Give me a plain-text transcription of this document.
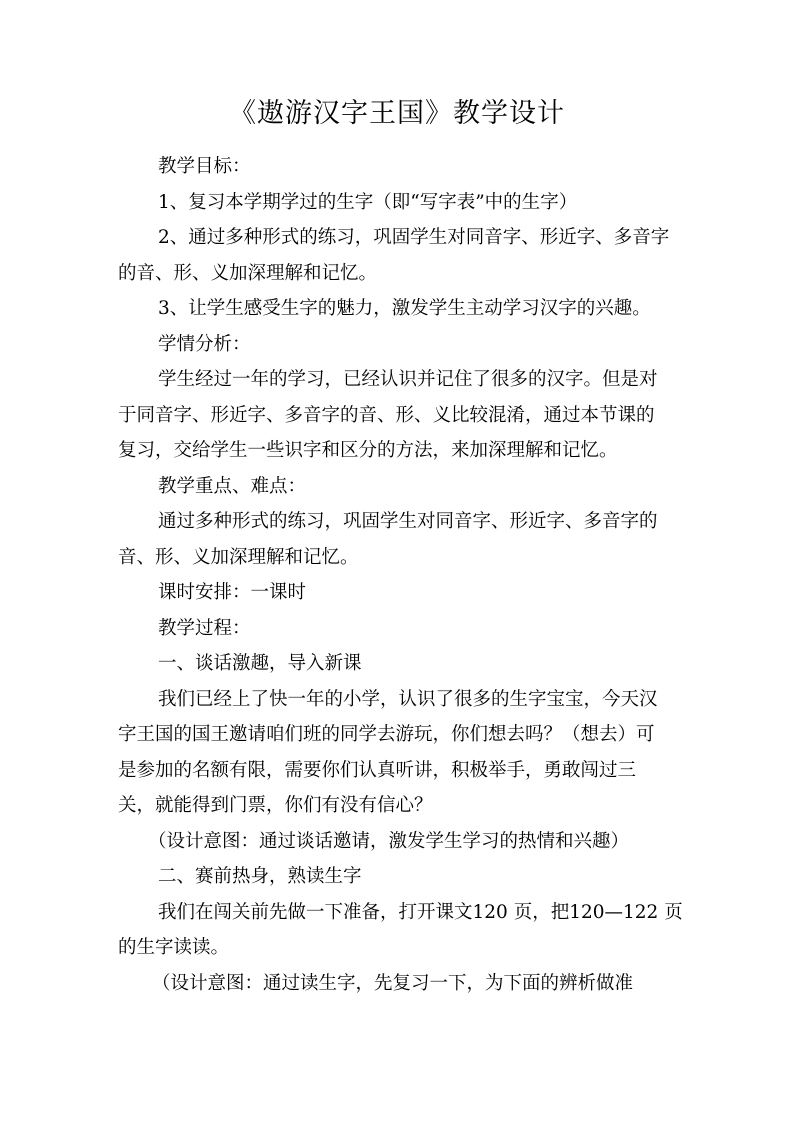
《遨游汉字王国》教学设计

教学目标：

1、复习本学期学过的生字（即“写字表”中的生字）

2、通过多种形式的练习，巩固学生对同音字、形近字、多音字

的音、形、义加深理解和记忆。

3、让学生感受生字的魅力，激发学生主动学习汉字的兴趣。

学情分析：

学生经过一年的学习，已经认识并记住了很多的汉字。但是对

于同音字、形近字、多音字的音、形、义比较混淆，通过本节课的

复习，交给学生一些识字和区分的方法，来加深理解和记忆。

教学重点、难点：

通过多种形式的练习，巩固学生对同音字、形近字、多音字的

音、形、义加深理解和记忆。

课时安排：一课时

教学过程：

一、谈话激趣，导入新课

我们已经上了快一年的小学，认识了很多的生字宝宝，今天汉

字王国的国王邀请咱们班的同学去游玩，你们想去吗？（想去）可

是参加的名额有限，需要你们认真听讲，积极举手，勇敢闯过三

关，就能得到门票，你们有没有信心？

（设计意图：通过谈话邀请，激发学生学习的热情和兴趣）

二、赛前热身，熟读生字

我们在闯关前先做一下准备，打开课文120 页，把120—122 页

的生字读读。

（设计意图：通过读生字，先复习一下，为下面的辨析做准
